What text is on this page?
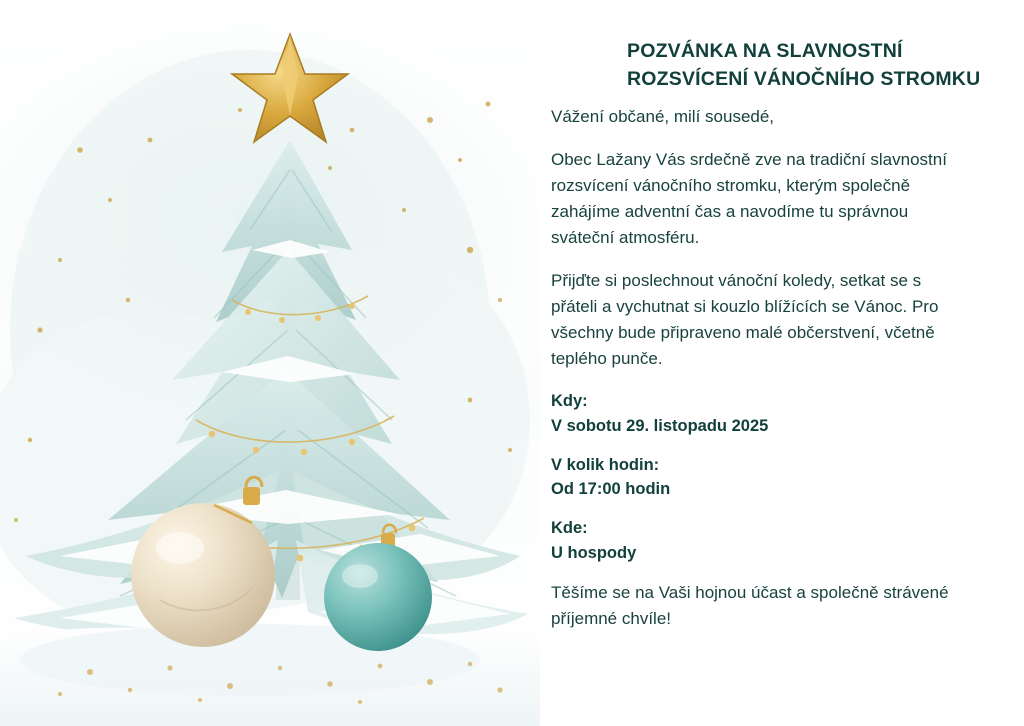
POZVÁNKA NA SLAVNOSTNÍ
ROZSVÍCENÍ VÁNOČNÍHO STROMKU

Vážení občané, milí sousedé,

Obec Lažany Vás srdečně zve na tradiční slavnostní rozsvícení vánočního stromku, kterým společně zahájíme adventní čas a navodíme tu správnou sváteční atmosféru.

Přijďte si poslechnout vánoční koledy, setkat se s přáteli a vychutnat si kouzlo blížících se Vánoc. Pro všechny bude připraveno malé občerstvení, včetně teplého punče.

Kdy:
V sobotu 29. listopadu 2025
V kolik hodin:
Od 17:00 hodin
Kde:
U hospody

Těšíme se na Vaši hojnou účast a společně strávené příjemné chvíle!
